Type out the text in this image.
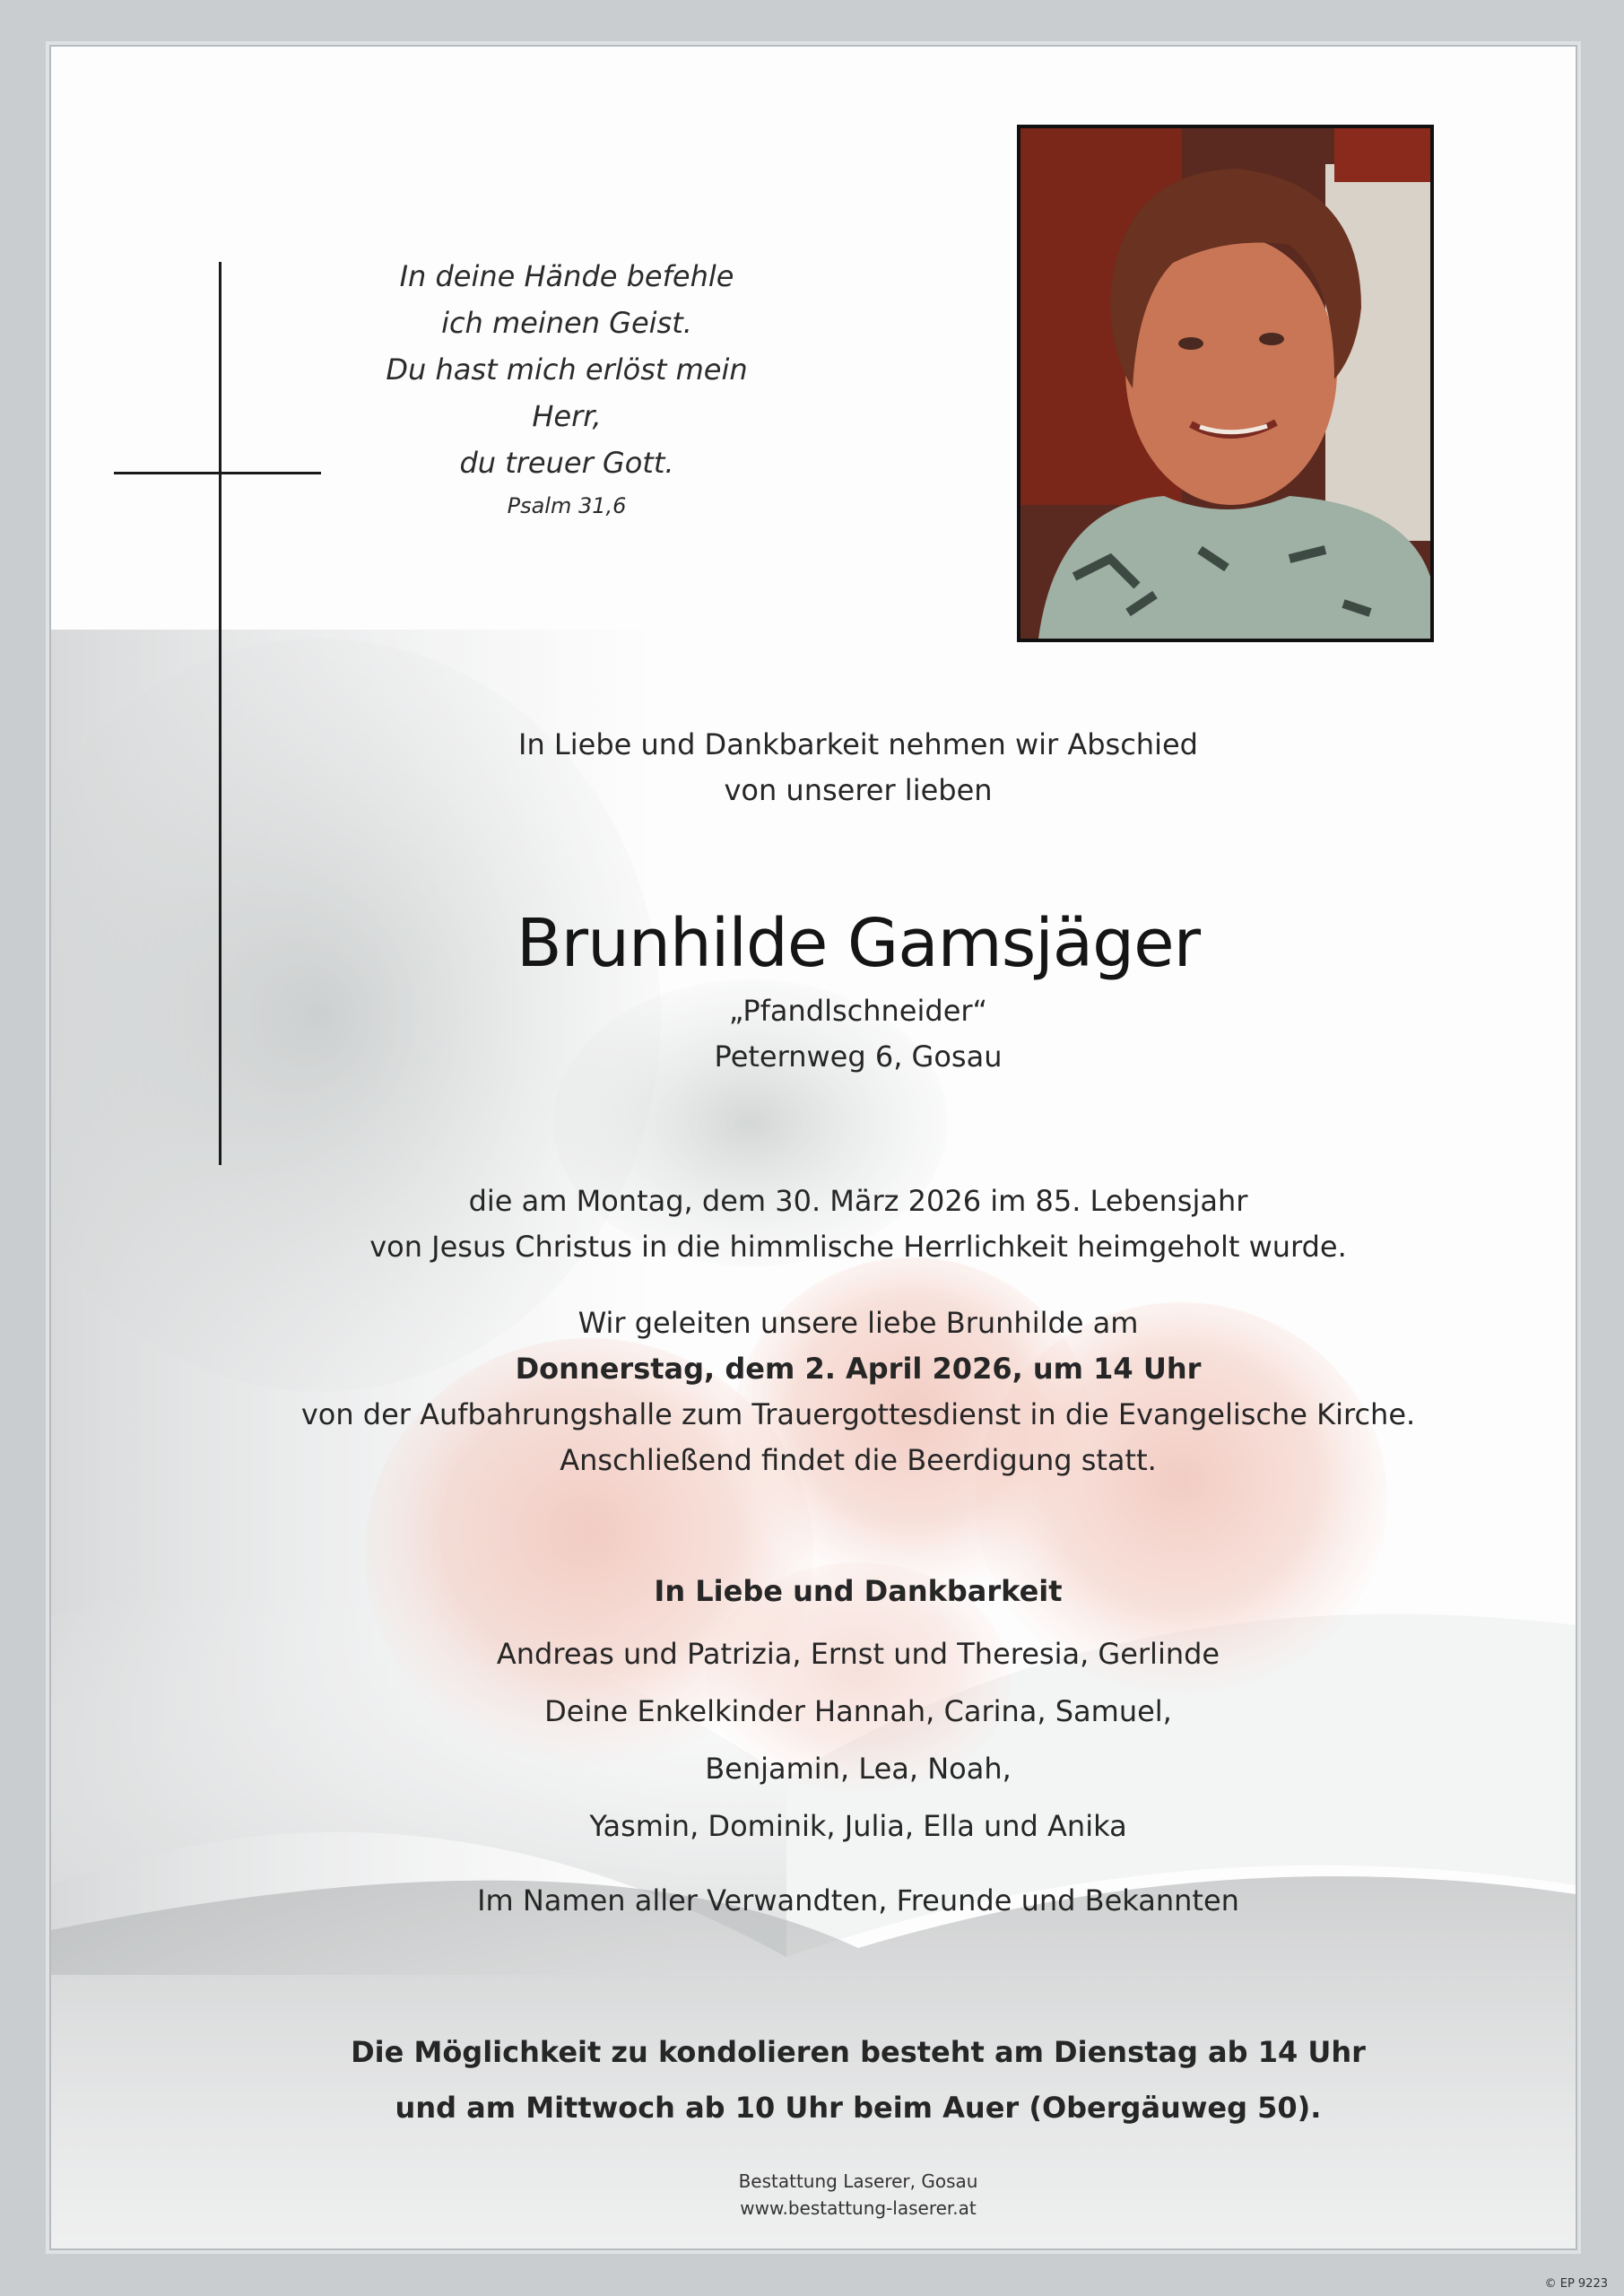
In deine Hände befehle
ich meinen Geist.
Du hast mich erlöst mein Herr,
du treuer Gott.
Psalm 31,6
In Liebe und Dankbarkeit nehmen wir Abschied
von unserer lieben
Brunhilde Gamsjäger
„Pfandlschneider“
Peternweg 6, Gosau
die am Montag, dem 30. März 2026 im 85. Lebensjahr
von Jesus Christus in die himmlische Herrlichkeit heimgeholt wurde.
Wir geleiten unsere liebe Brunhilde am
Donnerstag, dem 2. April 2026, um 14 Uhr
von der Aufbahrungshalle zum Trauergottesdienst in die Evangelische Kirche.
Anschließend findet die Beerdigung statt.
In Liebe und Dankbarkeit
Andreas und Patrizia, Ernst und Theresia, Gerlinde
Deine Enkelkinder Hannah, Carina, Samuel,
Benjamin, Lea, Noah,
Yasmin, Dominik, Julia, Ella und Anika
Im Namen aller Verwandten, Freunde und Bekannten
Die Möglichkeit zu kondolieren besteht am Dienstag ab 14 Uhr
und am Mittwoch ab 10 Uhr beim Auer (Obergäuweg 50).
Bestattung Laserer, Gosau
www.bestattung-laserer.at
© EP 9223
